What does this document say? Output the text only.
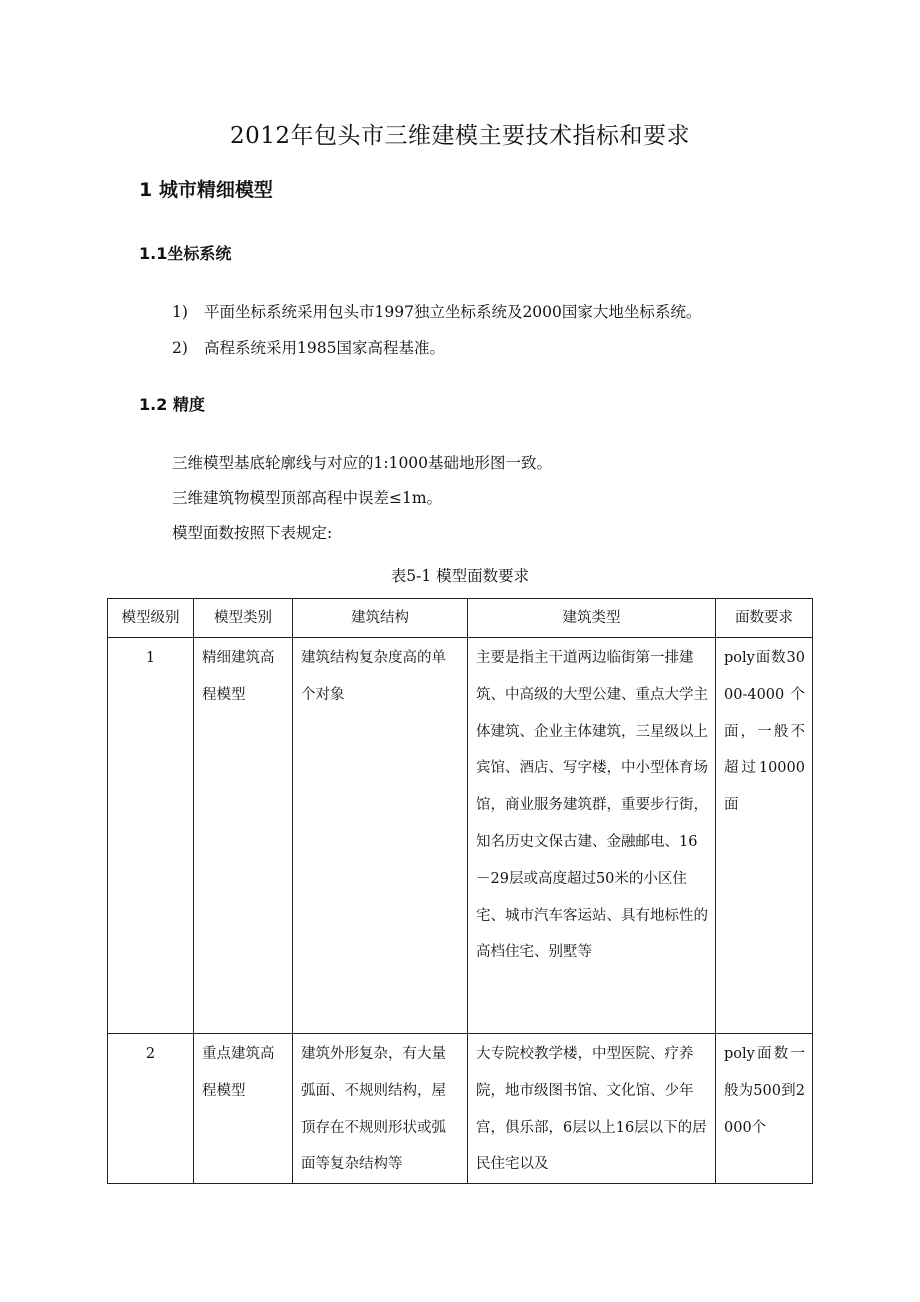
2012年包头市三维建模主要技术指标和要求
1 城市精细模型
1.1坐标系统
1) 平面坐标系统采用包头市1997独立坐标系统及2000国家大地坐标系统。
2) 高程系统采用1985国家高程基准。
1.2 精度
三维模型基底轮廓线与对应的1:1000基础地形图一致。
三维建筑物模型顶部高程中误差≤1m。
模型面数按照下表规定:
表5-1 模型面数要求
模型级别	模型类别	建筑结构	建筑类型	面数要求
1	精细建筑高程模型	建筑结构复杂度高的单个对象	主要是指主干道两边临街第一排建筑、中高级的大型公建、重点大学主体建筑、企业主体建筑，三星级以上宾馆、酒店、写字楼，中小型体育场馆，商业服务建筑群，重要步行街，知名历史文保古建、金融邮电、16－29层或高度超过50米的小区住宅、城市汽车客运站、具有地标性的高档住宅、别墅等	poly面数3000-4000个面，一般不超过10000面
2	重点建筑高程模型	建筑外形复杂，有大量弧面、不规则结构，屋顶存在不规则形状或弧面等复杂结构等	大专院校教学楼，中型医院、疗养院，地市级图书馆、文化馆、少年宫，俱乐部，6层以上16层以下的居民住宅以及	poly面数一般为500到2000个
